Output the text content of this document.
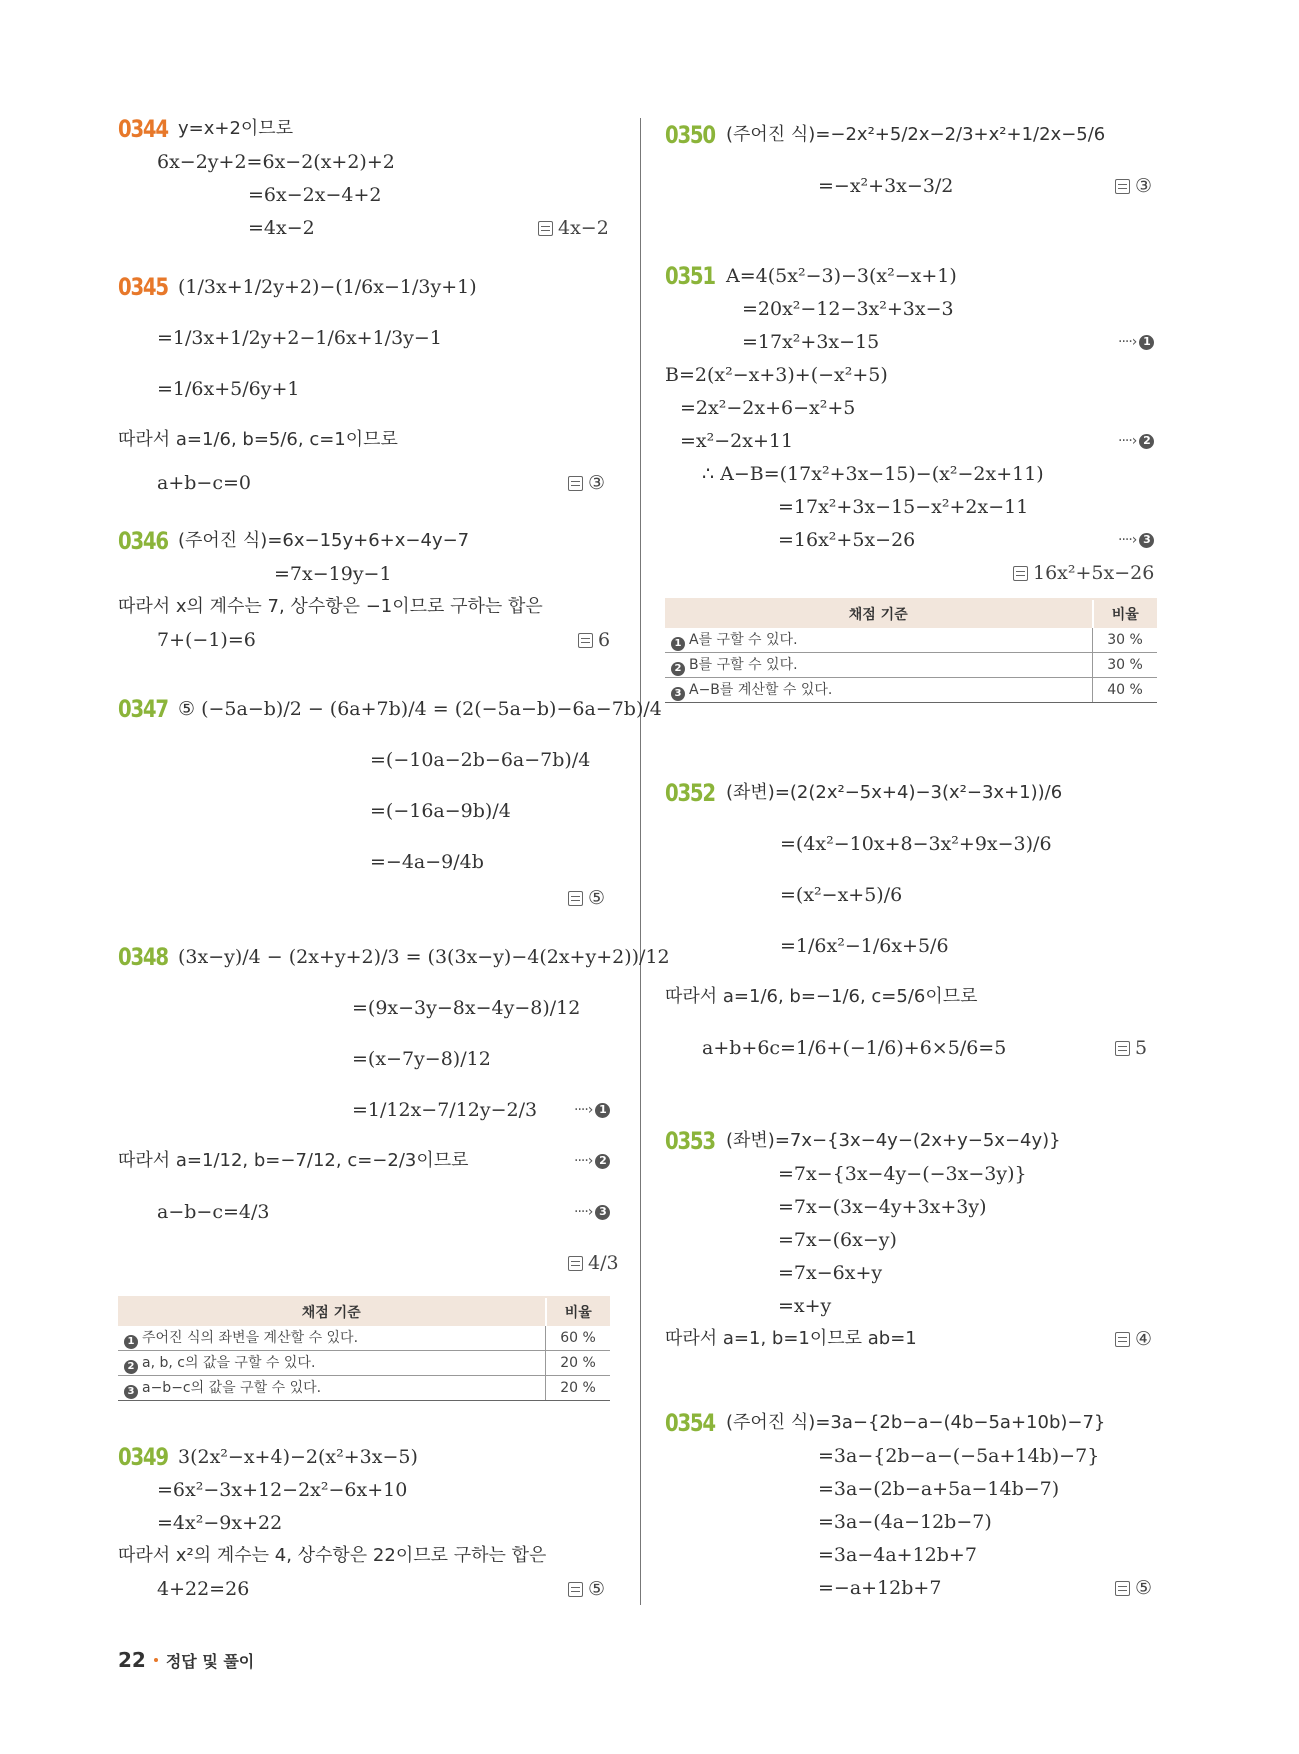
0344 y=x+2이므로
6x−2y+2=6x−2(x+2)+2
=6x−2x−4+2
=4x−2	4x−2
0345 (1/3x+1/2y+2)−(1/6x−1/3y+1)
=1/3x+1/2y+2−1/6x+1/3y−1
=1/6x+5/6y+1
따라서 a=1/6, b=5/6, c=1이므로
a+b−c=0	③
0346 (주어진 식)=6x−15y+6+x−4y−7
=7x−19y−1
따라서 x의 계수는 7, 상수항은 −1이므로 구하는 합은
7+(−1)=6	6
0347 ⑤ (−5a−b)/2 − (6a+7b)/4 = (2(−5a−b)−6a−7b)/4
=(−10a−2b−6a−7b)/4
=(−16a−9b)/4
=−4a−9/4b
⑤
0348 (3x−y)/4 − (2x+y+2)/3 = (3(3x−y)−4(2x+y+2))/12
=(9x−3y−8x−4y−8)/12
=(x−7y−8)/12
=1/12x−7/12y−2/3	····› 1
따라서 a=1/12, b=−7/12, c=−2/3이므로	····› 2
a−b−c=4/3	····› 3
4/3
채점 기준	비율
1 주어진 식의 좌변을 계산할 수 있다.	60 %
2 a, b, c의 값을 구할 수 있다.	20 %
3 a−b−c의 값을 구할 수 있다.	20 %
0349 3(2x²−x+4)−2(x²+3x−5)
=6x²−3x+12−2x²−6x+10
=4x²−9x+22
따라서 x²의 계수는 4, 상수항은 22이므로 구하는 합은
4+22=26	⑤
0350 (주어진 식)=−2x²+5/2x−2/3+x²+1/2x−5/6
=−x²+3x−3/2	③
0351 A=4(5x²−3)−3(x²−x+1)
=20x²−12−3x²+3x−3
=17x²+3x−15	····› 1
B=2(x²−x+3)+(−x²+5)
=2x²−2x+6−x²+5
=x²−2x+11	····› 2
∴ A−B=(17x²+3x−15)−(x²−2x+11)
=17x²+3x−15−x²+2x−11
=16x²+5x−26	····› 3
16x²+5x−26
채점 기준	비율
1 A를 구할 수 있다.	30 %
2 B를 구할 수 있다.	30 %
3 A−B를 계산할 수 있다.	40 %
0352 (좌변)=(2(2x²−5x+4)−3(x²−3x+1))/6
=(4x²−10x+8−3x²+9x−3)/6
=(x²−x+5)/6
=1/6x²−1/6x+5/6
따라서 a=1/6, b=−1/6, c=5/6이므로
a+b+6c=1/6+(−1/6)+6×5/6=5	5
0353 (좌변)=7x−{3x−4y−(2x+y−5x−4y)}
=7x−{3x−4y−(−3x−3y)}
=7x−(3x−4y+3x+3y)
=7x−(6x−y)
=7x−6x+y
=x+y
따라서 a=1, b=1이므로 ab=1	④
0354 (주어진 식)=3a−{2b−a−(4b−5a+10b)−7}
=3a−{2b−a−(−5a+14b)−7}
=3a−(2b−a+5a−14b−7)
=3a−(4a−12b−7)
=3a−4a+12b+7
=−a+12b+7	⑤
22 정답 및 풀이
